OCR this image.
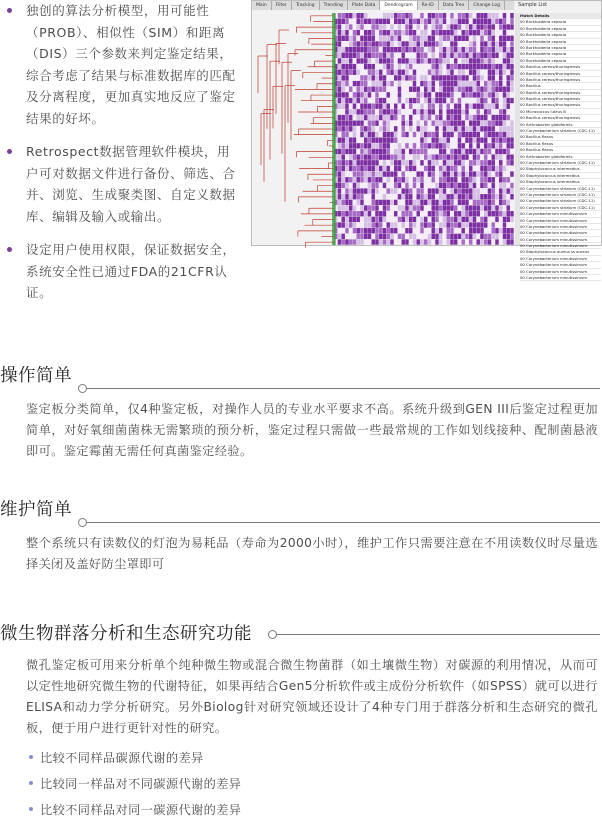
独创的算法分析模型，用可能性（PROB）、相似性（SIM）和距离（DIS）三个参数来判定鉴定结果，综合考虑了结果与标准数据库的匹配及分离程度，更加真实地反应了鉴定结果的好坏。
Retrospect数据管理软件模块，用户可对数据文件进行备份、筛选、合并、浏览、生成聚类图、自定义数据库、编辑及输入或输出。
设定用户使用权限，保证数据安全，系统安全性已通过FDA的21CFR认证。
Main	Filter	Tracking	Trending	Plate Data	Dendrogram	Re-ID	Data Tree	Change Log	Sample List
Match Details
00 Burkholderia cepacia
00 Burkholderia cepacia
00 Burkholderia cepacia
00 Burkholderia cepacia
00 Burkholderia cepacia
00 Burkholderia cepacia
00 Burkholderia cepacia
00 Bacillus cereus/thuringiensis
00 Bacillus cereus/thuringiensis
00 Bacillus cereus/thuringiensis
00 Bacillus
00 Bacillus cereus/thuringiensis
00 Bacillus cereus/thuringiensis
00 Bacillus cereus/thuringiensis
00 Micrococcus luteus B
00 Bacillus cereus/thuringiensis
00 Arthrobacter globiformis
00 Corynebacterium striatum (CDC-11)
00 Bacillus flexus
00 Bacillus flexus
00 Bacillus flexus
00 Arthrobacter globiformis
00 Corynebacterium striatum (CDC-11)
00 Staphylococcus intermedius
00 Staphylococcus intermedius
00 Staphylococcus intermedius
00 Corynebacterium striatum (CDC-11)
00 Corynebacterium striatum (CDC-11)
00 Corynebacterium striatum (CDC-11)
00 Corynebacterium striatum (CDC-11)
00 Corynebacterium minutissimum
00 Corynebacterium minutissimum
00 Corynebacterium minutissimum
00 Corynebacterium minutissimum
00 Corynebacterium minutissimum
00 Corynebacterium minutissimum
00 Staphylococcus aureus ss aureus
00 Corynebacterium minutissimum
00 Corynebacterium minutissimum
00 Corynebacterium minutissimum
00 Corynebacterium minutissimum
操作简单
鉴定板分类简单，仅4种鉴定板，对操作人员的专业水平要求不高。系统升级到GEN III后鉴定过程更加简单，对好氧细菌菌株无需繁琐的预分析，鉴定过程只需做一些最常规的工作如划线接种、配制菌悬液即可。鉴定霉菌无需任何真菌鉴定经验。
维护简单
整个系统只有读数仪的灯泡为易耗品（寿命为2000小时），维护工作只需要注意在不用读数仪时尽量选择关闭及盖好防尘罩即可
微生物群落分析和生态研究功能
微孔鉴定板可用来分析单个纯种微生物或混合微生物菌群（如土壤微生物）对碳源的利用情况，从而可以定性地研究微生物的代谢特征，如果再结合Gen5分析软件或主成份分析软件（如SPSS）就可以进行ELISA和动力学分析研究。另外Biolog针对研究领域还设计了4种专门用于群落分析和生态研究的微孔板，便于用户进行更针对性的研究。
比较不同样品碳源代谢的差异
比较同一样品对不同碳源代谢的差异
比较不同样品对同一碳源代谢的差异
